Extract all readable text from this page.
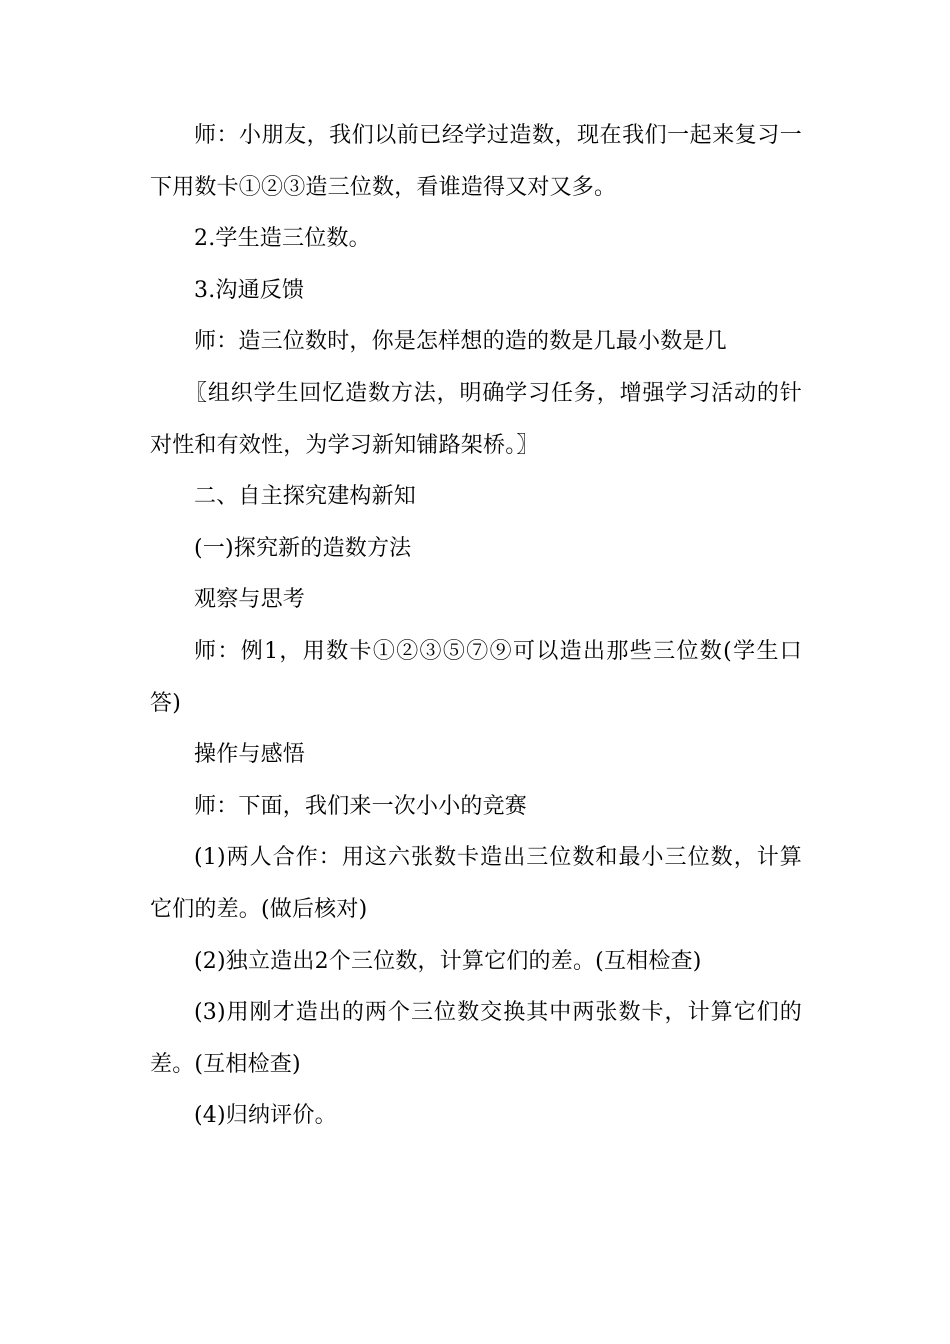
师：小朋友，我们以前已经学过造数，现在我们一起来复习一下用数卡①②③造三位数，看谁造得又对又多。

2.学生造三位数。

3.沟通反馈

师：造三位数时，你是怎样想的造的数是几最小数是几

〖组织学生回忆造数方法，明确学习任务，增强学习活动的针对性和有效性，为学习新知铺路架桥。〗

二、自主探究建构新知

(一)探究新的造数方法

观察与思考

师：例1，用数卡①②③⑤⑦⑨可以造出那些三位数(学生口答)

操作与感悟

师：下面，我们来一次小小的竞赛

(1)两人合作：用这六张数卡造出三位数和最小三位数，计算它们的差。(做后核对)

(2)独立造出2个三位数，计算它们的差。(互相检查)

(3)用刚才造出的两个三位数交换其中两张数卡，计算它们的差。(互相检查)

(4)归纳评价。
